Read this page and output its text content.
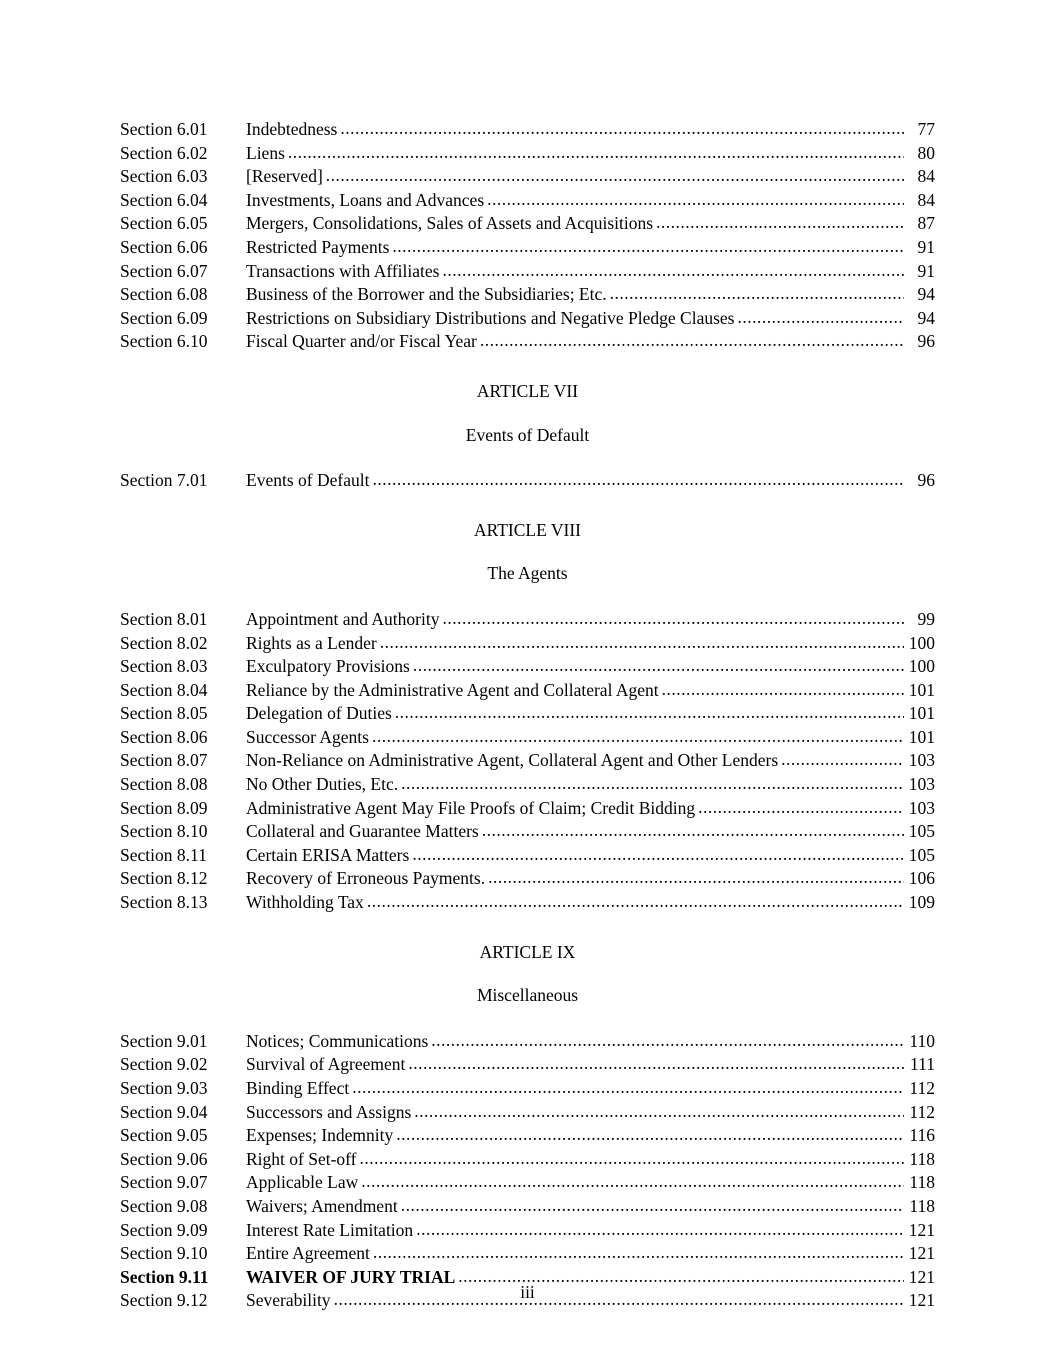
Section 6.01	Indebtedness .....	77
Section 6.02	Liens .....	80
Section 6.03	[Reserved] .....	84
Section 6.04	Investments, Loans and Advances .....	84
Section 6.05	Mergers, Consolidations, Sales of Assets and Acquisitions .....	87
Section 6.06	Restricted Payments .....	91
Section 6.07	Transactions with Affiliates .....	91
Section 6.08	Business of the Borrower and the Subsidiaries; Etc. .....	94
Section 6.09	Restrictions on Subsidiary Distributions and Negative Pledge Clauses .....	94
Section 6.10	Fiscal Quarter and/or Fiscal Year .....	96
ARTICLE VII
Events of Default
Section 7.01	Events of Default .....	96
ARTICLE VIII
The Agents
Section 8.01	Appointment and Authority .....	99
Section 8.02	Rights as a Lender .....	100
Section 8.03	Exculpatory Provisions .....	100
Section 8.04	Reliance by the Administrative Agent and Collateral Agent .....	101
Section 8.05	Delegation of Duties .....	101
Section 8.06	Successor Agents .....	101
Section 8.07	Non-Reliance on Administrative Agent, Collateral Agent and Other Lenders .....	103
Section 8.08	No Other Duties, Etc. .....	103
Section 8.09	Administrative Agent May File Proofs of Claim; Credit Bidding .....	103
Section 8.10	Collateral and Guarantee Matters .....	105
Section 8.11	Certain ERISA Matters .....	105
Section 8.12	Recovery of Erroneous Payments. .....	106
Section 8.13	Withholding Tax .....	109
ARTICLE IX
Miscellaneous
Section 9.01	Notices; Communications .....	110
Section 9.02	Survival of Agreement .....	111
Section 9.03	Binding Effect .....	112
Section 9.04	Successors and Assigns .....	112
Section 9.05	Expenses; Indemnity .....	116
Section 9.06	Right of Set-off .....	118
Section 9.07	Applicable Law .....	118
Section 9.08	Waivers; Amendment .....	118
Section 9.09	Interest Rate Limitation .....	121
Section 9.10	Entire Agreement .....	121
Section 9.11	WAIVER OF JURY TRIAL .....	121
Section 9.12	Severability .....	121
iii
